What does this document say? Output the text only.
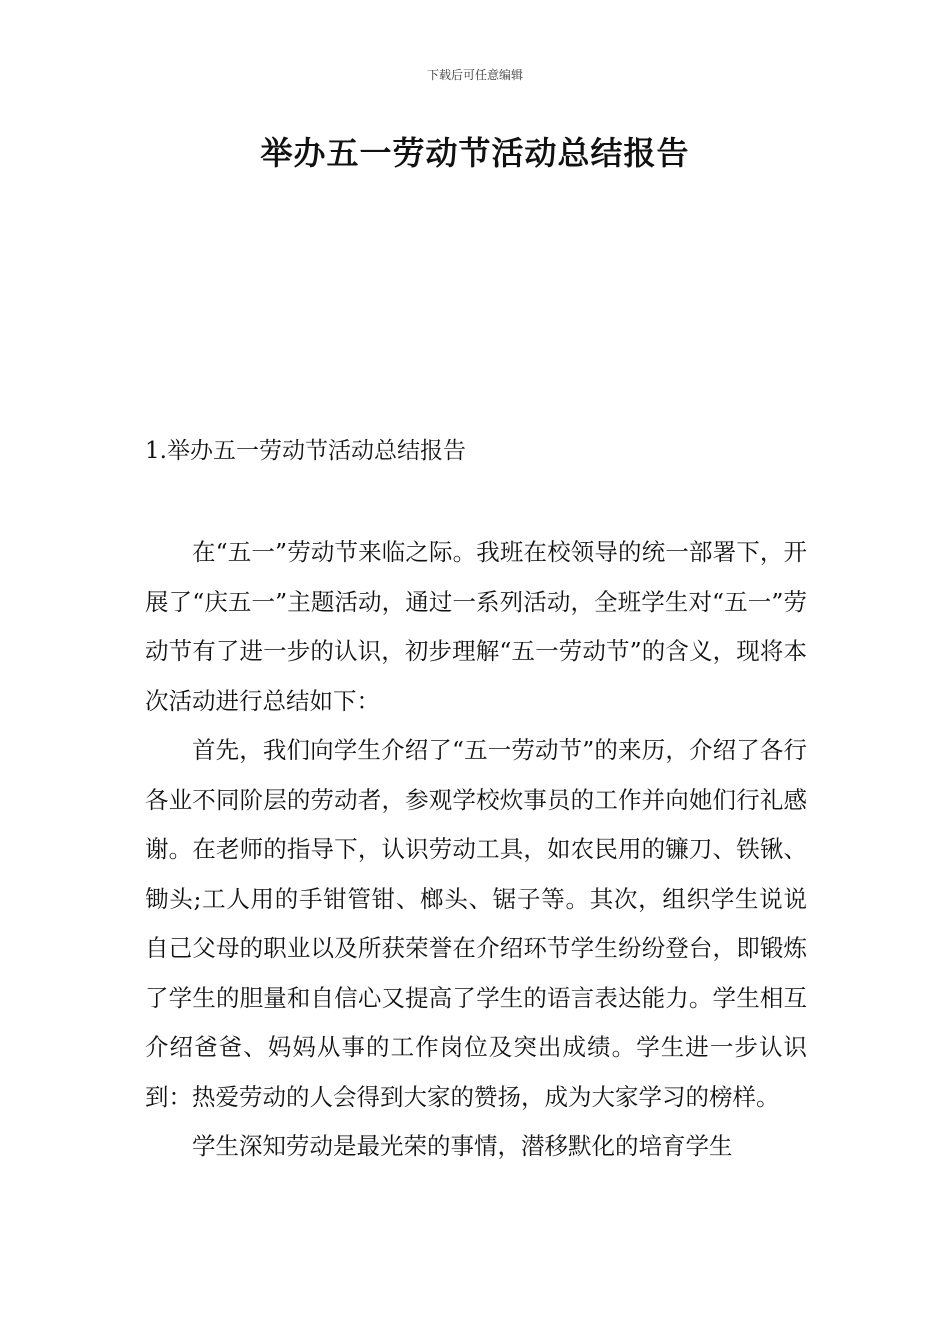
下载后可任意编辑
举办五一劳动节活动总结报告
1.举办五一劳动节活动总结报告

在“五一”劳动节来临之际。我班在校领导的统一部署下，开展了“庆五一”主题活动，通过一系列活动，全班学生对“五一”劳动节有了进一步的认识，初步理解“五一劳动节”的含义，现将本次活动进行总结如下：

首先，我们向学生介绍了“五一劳动节”的来历，介绍了各行各业不同阶层的劳动者，参观学校炊事员的工作并向她们行礼感谢。在老师的指导下，认识劳动工具，如农民用的镰刀、铁锹、锄头;工人用的手钳管钳、榔头、锯子等。其次，组织学生说说自己父母的职业以及所获荣誉在介绍环节学生纷纷登台，即锻炼了学生的胆量和自信心又提高了学生的语言表达能力。学生相互介绍爸爸、妈妈从事的工作岗位及突出成绩。学生进一步认识到：热爱劳动的人会得到大家的赞扬，成为大家学习的榜样。

学生深知劳动是最光荣的事情，潜移默化的培育学生
